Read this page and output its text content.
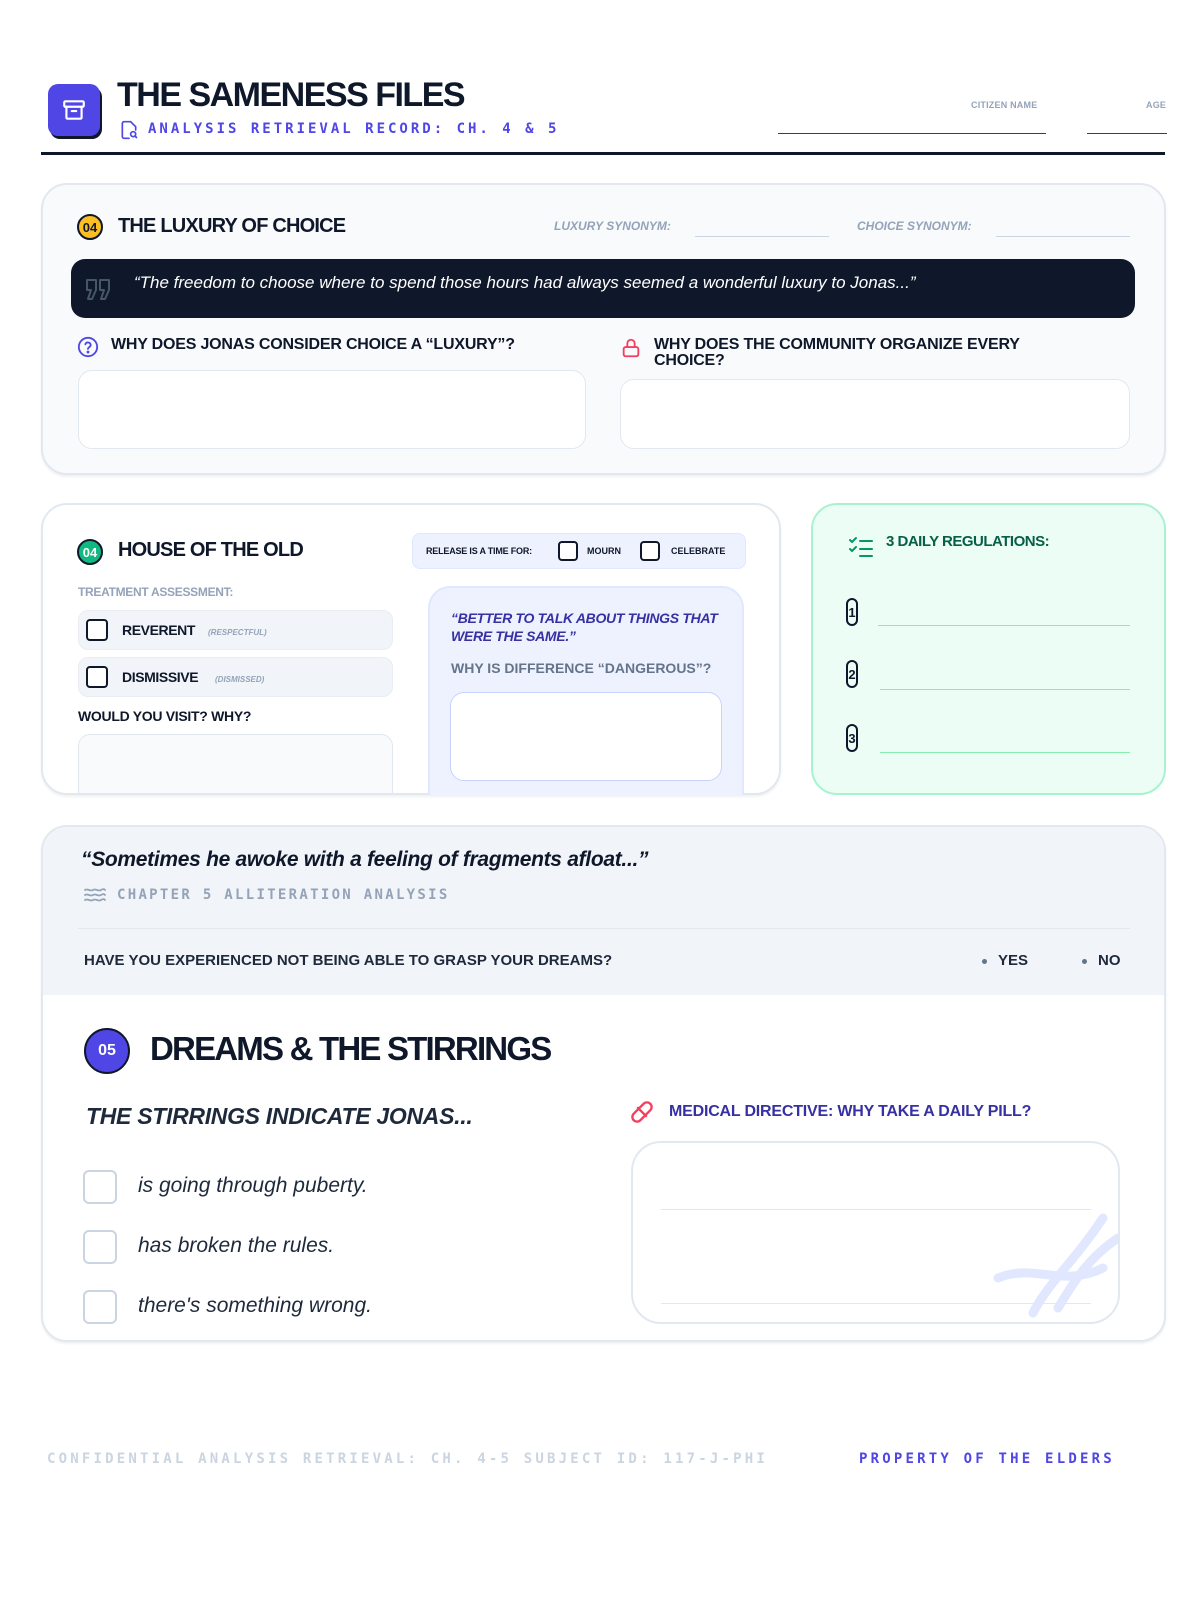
THE SAMENESS FILES
ANALYSIS RETRIEVAL RECORD: CH. 4 & 5
CITIZEN NAME	AGE
04 THE LUXURY OF CHOICE	LUXURY SYNONYM:	CHOICE SYNONYM:
“The freedom to choose where to spend those hours had always seemed a wonderful luxury to Jonas...”
WHY DOES JONAS CONSIDER CHOICE A “LUXURY”?	WHY DOES THE COMMUNITY ORGANIZE EVERY CHOICE?
04 HOUSE OF THE OLD	RELEASE IS A TIME FOR:	MOURN	CELEBRATE
TREATMENT ASSESSMENT:
REVERENT (RESPECTFUL)
DISMISSIVE (DISMISSED)
WOULD YOU VISIT? WHY?
“BETTER TO TALK ABOUT THINGS THAT WERE THE SAME.”
WHY IS DIFFERENCE “DANGEROUS”?
3 DAILY REGULATIONS:
1
2
3
“Sometimes he awoke with a feeling of fragments afloat...”
CHAPTER 5 ALLITERATION ANALYSIS
HAVE YOU EXPERIENCED NOT BEING ABLE TO GRASP YOUR DREAMS?	YES	NO
05	DREAMS & THE STIRRINGS
THE STIRRINGS INDICATE JONAS...
is going through puberty.
has broken the rules.
there's something wrong.
MEDICAL DIRECTIVE: WHY TAKE A DAILY PILL?
CONFIDENTIAL ANALYSIS RETRIEVAL: CH. 4-5 SUBJECT ID: 117-J-PHI	PROPERTY OF THE ELDERS
